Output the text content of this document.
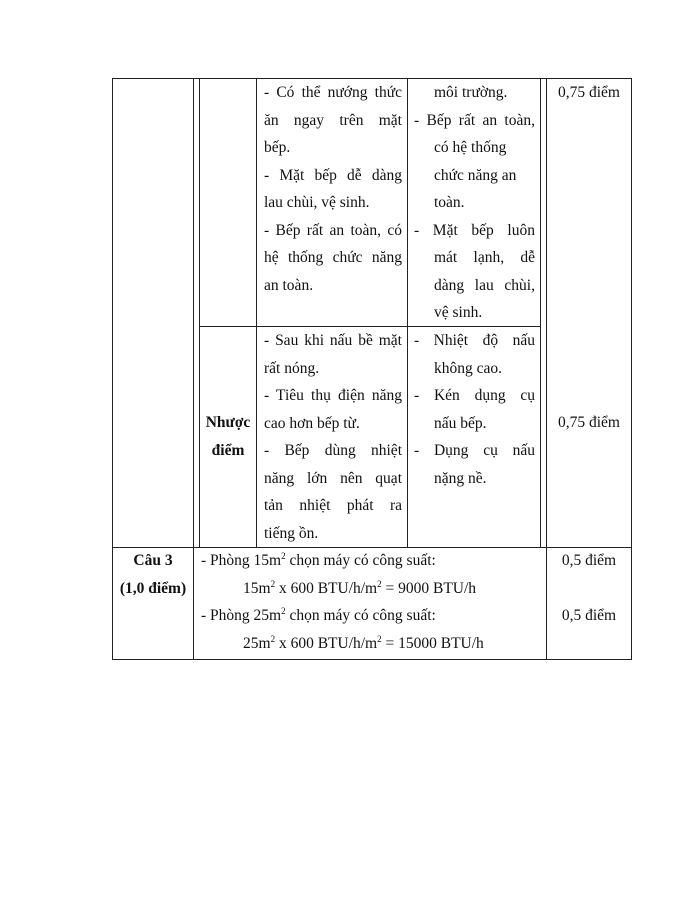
- Có thể nướng thức
ăn ngay trên mặt
bếp.
- Mặt bếp dễ dàng
lau chùi, vệ sinh.
- Bếp rất an toàn, có
hệ thống chức năng
an toàn.
môi trường.
- Bếp rất an toàn,
có hệ thống
chức năng an
toàn.
- Mặt bếp luôn
mát lạnh, dễ
dàng lau chùi,
vệ sinh.
0,75 điểm
Nhược
điểm
- Sau khi nấu bề mặt
rất nóng.
- Tiêu thụ điện năng
cao hơn bếp từ.
- Bếp dùng nhiệt
năng lớn nên quạt
tản nhiệt phát ra
tiếng ồn.
- Nhiệt độ nấu
không cao.
- Kén dụng cụ
nấu bếp.
- Dụng cụ nấu
nặng nề.
0,75 điểm
Câu 3
(1,0 điểm)
- Phòng $15m^2$ chọn máy có công suất:
$15m^2$ x 600 BTU/$h/m^2 = 9000$ BTU/h
- Phòng $25m^2$ chọn máy có công suất:
$25m^2$ x 600 BTU/$h/m^2 = 15000$ BTU/h
0,5 điểm
0,5 điểm
